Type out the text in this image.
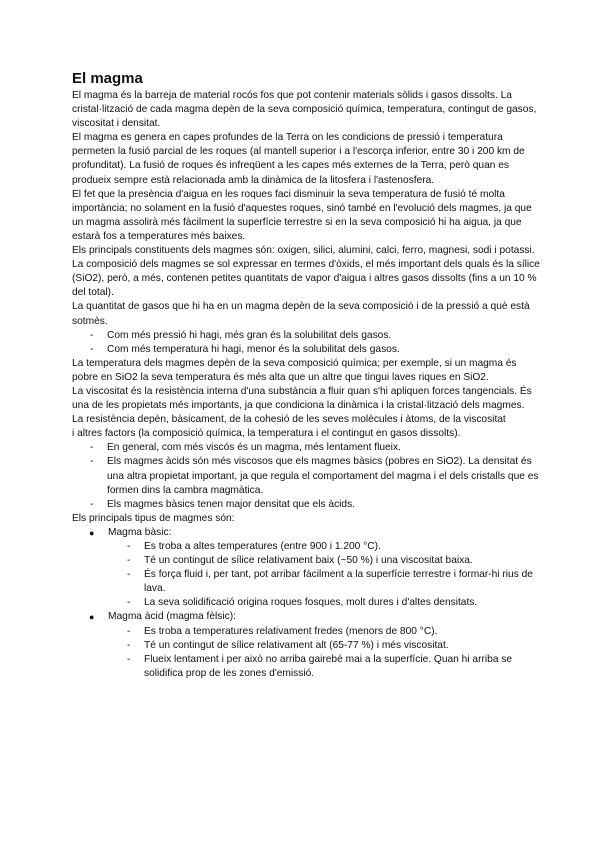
El magma

El magma és la barreja de material rocós fos que pot contenir materials sòlids i gasos dissolts. La cristal·lització de cada magma depèn de la seva composició química, temperatura, contingut de gasos, viscositat i densitat.

El magma es genera en capes profundes de la Terra on les condicions de pressió i temperatura permeten la fusió parcial de les roques (al mantell superior i a l'escorça inferior, entre 30 i 200 km de profunditat). La fusió de roques és infreqüent a les capes més externes de la Terra, però quan es produeix sempre està relacionada amb la dinàmica de la litosfera i l'astenosfera.

El fet que la presència d'aigua en les roques faci disminuir la seva temperatura de fusió té molta importància; no solament en la fusió d'aquestes roques, sinó també en l'evolució dels magmes, ja que un magma assolirà més fàcilment la superfície terrestre si en la seva composició hi ha aigua, ja que estarà fos a temperatures més baixes.

Els principals constituents dels magmes són: oxigen, silici, alumini, calci, ferro, magnesi, sodi i potassi. La composició dels magmes se sol expressar en termes d'òxids, el més important dels quals és la sílice (SiO2), però, a més, contenen petites quantitats de vapor d'aigua i altres gasos dissolts (fins a un 10 % del total).

La quantitat de gasos que hi ha en un magma depèn de la seva composició i de la pressió a què està sotmès.

- Com més pressió hi hagi, més gran és la solubilitat dels gasos.
- Com més temperatura hi hagi, menor és la solubilitat dels gasos.

La temperatura dels magmes depèn de la seva composició química; per exemple, si un magma és pobre en SiO2 la seva temperatura és més alta que un altre que tingui laves riques en SiO2.

La viscositat és la resistència interna d'una substància a fluir quan s'hi apliquen forces tangencials. És una de les propietats més importants, ja que condiciona la dinàmica i la cristal·lització dels magmes.

La resistència depèn, bàsicament, de la cohesió de les seves molècules i àtoms, de la viscositat

i altres factors (la composició química, la temperatura i el contingut en gasos dissolts).

- En general, com més viscós és un magma, més lentament flueix.
- Els magmes àcids són més viscosos que els magmes bàsics (pobres en SiO2). La densitat és una altra propietat important, ja que regula el comportament del magma i el dels cristalls que es formen dins la cambra magmàtica.
- Els magmes bàsics tenen major densitat que els àcids.

Els principals tipus de magmes són:

● Magma bàsic:
- Es troba a altes temperatures (entre 900 i 1.200 °C).
- Té un contingut de sílice relativament baix (~50 %) i una viscositat baixa.
- És força fluid i, per tant, pot arribar fàcilment a la superfície terrestre i formar-hi rius de lava.
- La seva solidificació origina roques fosques, molt dures i d'altes densitats.
● Magma àcid (magma fèlsic):
- Es troba a temperatures relativament fredes (menors de 800 °C).
- Té un contingut de sílice relativament alt (65-77 %) i més viscositat.
- Flueix lentament i per això no arriba gairebé mai a la superfície. Quan hi arriba se solidifica prop de les zones d'emissió.
